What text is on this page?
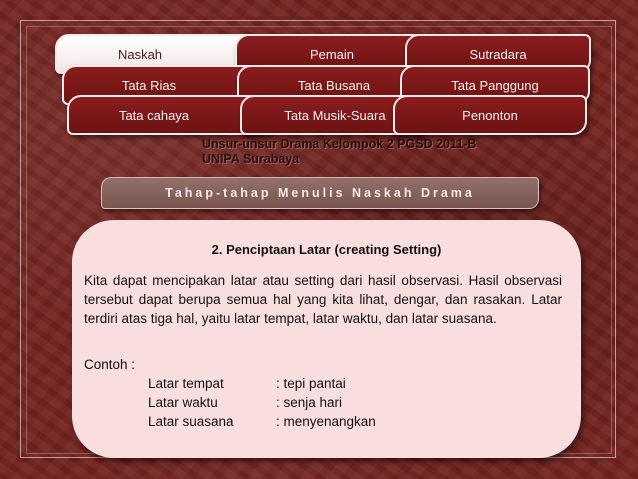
Naskah	Pemain	Sutradara
Tata Rias	Tata Busana	Tata Panggung
Tata cahaya	Tata Musik-Suara	Penonton
Unsur-unsur Drama Kelompok 2 PGSD 2011-B
UNIPA Surabaya
Tahap-tahap Menulis Naskah Drama
2. Penciptaan Latar (creating Setting)
Kita dapat mencipakan latar atau setting dari hasil observasi. Hasil observasi tersebut dapat berupa semua hal yang kita lihat, dengar, dan rasakan. Latar terdiri atas tiga hal, yaitu latar tempat, latar waktu, dan latar suasana.
Contoh :
Latar tempat	: tepi pantai
Latar waktu	: senja hari
Latar suasana	: menyenangkan
